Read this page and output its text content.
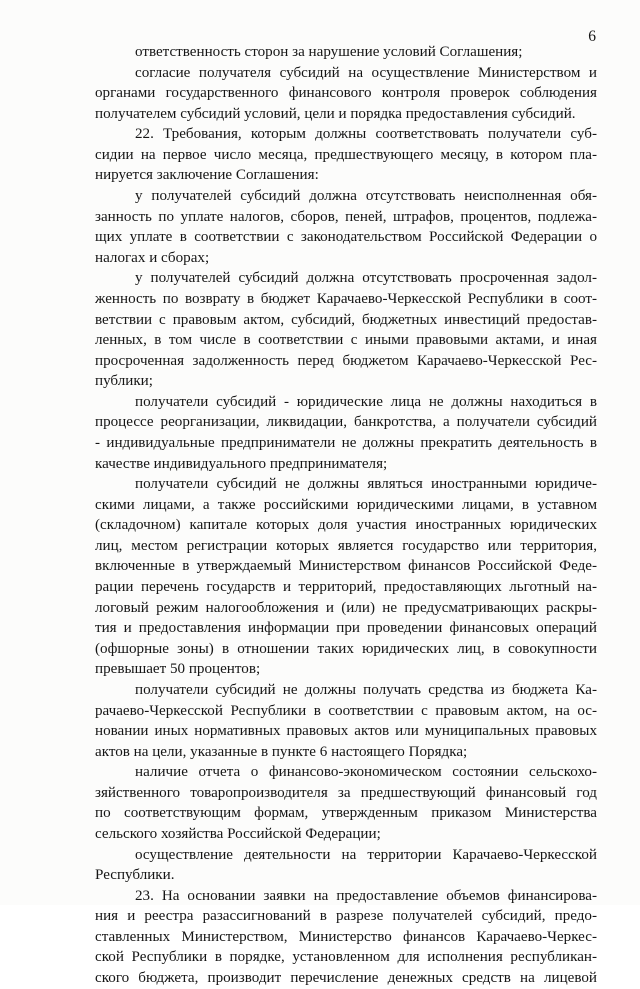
6
ответственность сторон за нарушение условий Соглашения;
согласие получателя субсидий на осуществление Министерством и
органами государственного финансового контроля проверок соблюдения
получателем субсидий условий, цели и порядка предоставления субсидий.
22. Требования, которым должны соответствовать получатели суб-
сидии на первое число месяца, предшествующего месяцу, в котором пла-
нируется заключение Соглашения:
у получателей субсидий должна отсутствовать неисполненная обя-
занность по уплате налогов, сборов, пеней, штрафов, процентов, подлежа-
щих уплате в соответствии с законодательством Российской Федерации о
налогах и сборах;
у получателей субсидий должна отсутствовать просроченная задол-
женность по возврату в бюджет Карачаево-Черкесской Республики в соот-
ветствии с правовым актом, субсидий, бюджетных инвестиций предостав-
ленных, в том числе в соответствии с иными правовыми актами, и иная
просроченная задолженность перед бюджетом Карачаево-Черкесской Рес-
публики;
получатели субсидий - юридические лица не должны находиться в
процессе реорганизации, ликвидации, банкротства, а получатели субсидий
- индивидуальные предприниматели не должны прекратить деятельность в
качестве индивидуального предпринимателя;
получатели субсидий не должны являться иностранными юридиче-
скими лицами, а также российскими юридическими лицами, в уставном
(складочном) капитале которых доля участия иностранных юридических
лиц, местом регистрации которых является государство или территория,
включенные в утверждаемый Министерством финансов Российской Феде-
рации перечень государств и территорий, предоставляющих льготный на-
логовый режим налогообложения и (или) не предусматривающих раскры-
тия и предоставления информации при проведении финансовых операций
(офшорные зоны) в отношении таких юридических лиц, в совокупности
превышает 50 процентов;
получатели субсидий не должны получать средства из бюджета Ка-
рачаево-Черкесской Республики в соответствии с правовым актом, на ос-
новании иных нормативных правовых актов или муниципальных правовых
актов на цели, указанные в пункте 6 настоящего Порядка;
наличие отчета о финансово-экономическом состоянии сельскохо-
зяйственного товаропроизводителя за предшествующий финансовый год
по соответствующим формам, утвержденным приказом Министерства
сельского хозяйства Российской Федерации;
осуществление деятельности на территории Карачаево-Черкесской
Республики.
23. На основании заявки на предоставление объемов финансирова-
ния и реестра разассигнований в разрезе получателей субсидий, предо-
ставленных Министерством, Министерство финансов Карачаево-Черкес-
ской Республики в порядке, установленном для исполнения республикан-
ского бюджета, производит перечисление денежных средств на лицевой
